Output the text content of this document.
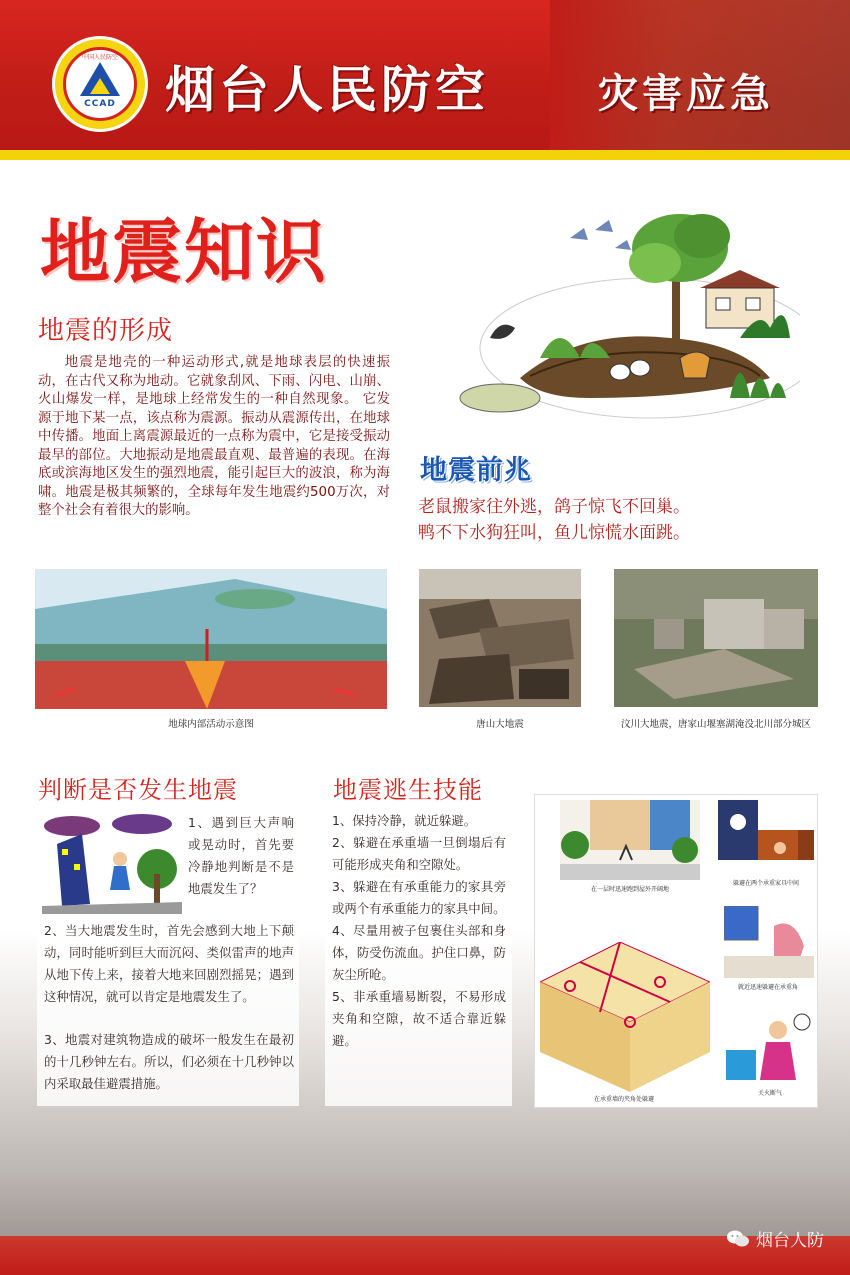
中国人民防空
CCAD 烟台人民防空	灾害应急
地震知识
地震的形成

地震是地壳的一种运动形式,就是地球表层的快速振动，在古代又称为地动。它就象刮风、下雨、闪电、山崩、火山爆发一样，是地球上经常发生的一种自然现象。 它发源于地下某一点，该点称为震源。振动从震源传出，在地球中传播。地面上离震源最近的一点称为震中，它是接受振动最早的部位。大地振动是地震最直观、最普遍的表现。在海底或滨海地区发生的强烈地震，能引起巨大的波浪，称为海啸。地震是极其频繁的，全球每年发生地震约500万次，对整个社会有着很大的影响。

地震前兆
老鼠搬家往外逃，鸽子惊飞不回巢。
鸭不下水狗狂叫，鱼儿惊慌水面跳。
地球内部活动示意图	唐山大地震	汶川大地震，唐家山堰塞湖淹没北川部分城区
判断是否发生地震

1、遇到巨大声响或晃动时，首先要冷静地判断是不是地震发生了？

2、当大地震发生时，首先会感到大地上下颠动，同时能听到巨大而沉闷、类似雷声的地声从地下传上来，接着大地来回剧烈摇晃；遇到这种情况，就可以肯定是地震发生了。

3、地震对建筑物造成的破坏一般发生在最初的十几秒钟左右。所以，们必须在十几秒钟以内采取最佳避震措施。

地震逃生技能
1、保持冷静，就近躲避。
2、躲避在承重墙一旦倒塌后有可能形成夹角和空隙处。
3、躲避在有承重能力的家具旁或两个有承重能力的家具中间。
4、尽量用被子包裹住头部和身体，防受伤流血。护住口鼻，防灰尘所呛。
5、非承重墙易断裂，不易形成夹角和空隙，故不适合靠近躲避。
在一层时迅速跑到屋外开阔地
躲避在两个承重家具中间
在承重墙的夹角处躲避
就近迅速躲避在承重角
关火断气
烟台人防
